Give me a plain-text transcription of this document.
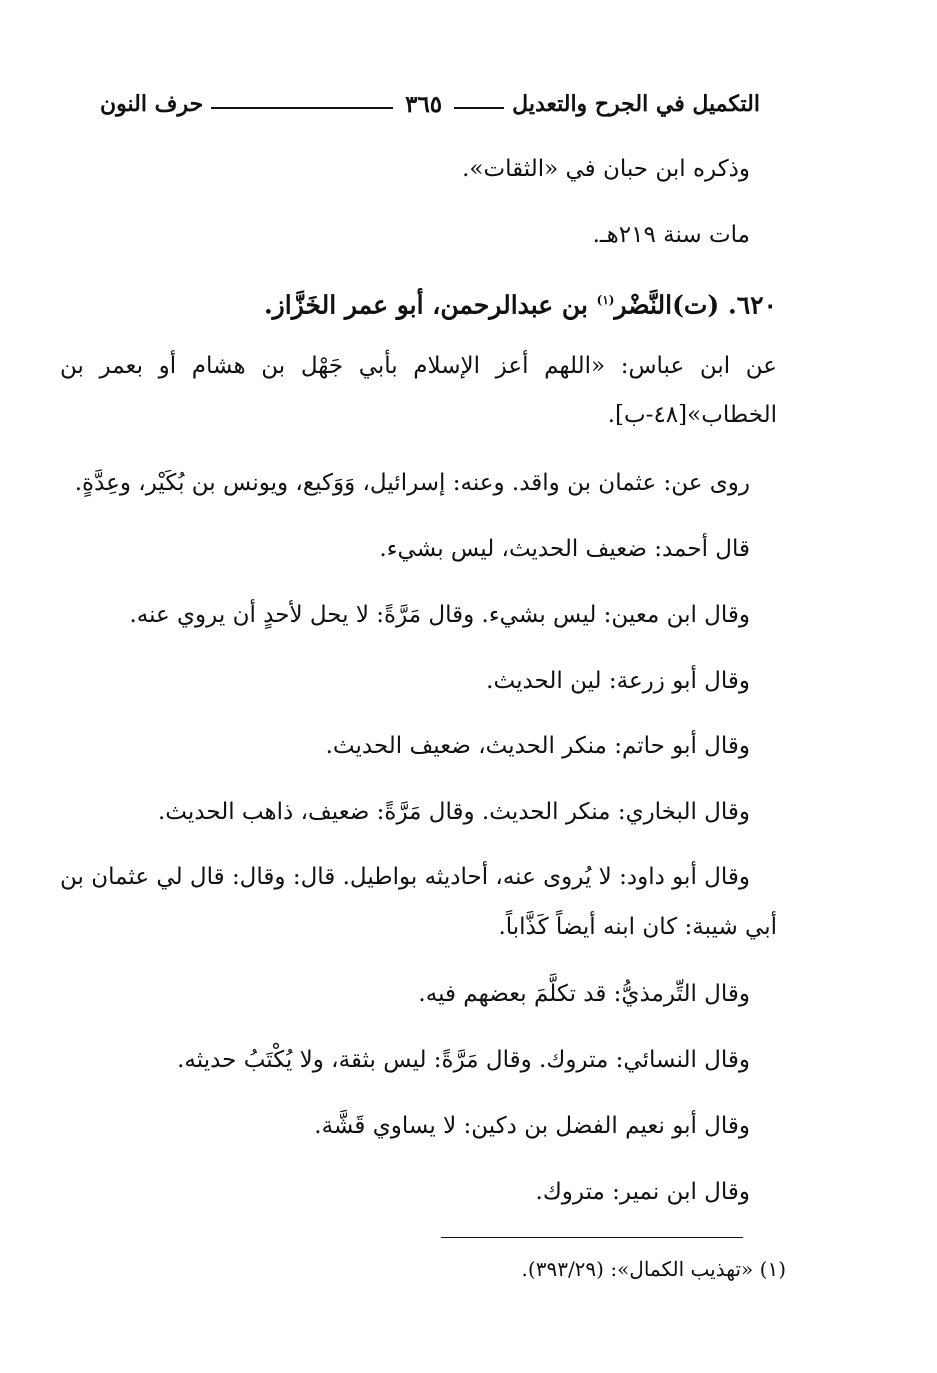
التكميل في الجرح والتعديل
٣٦٥
حرف النون
وذكره ابن حبان في «الثقات».
مات سنة ٢١٩هـ.
٦٢٠. (ت)النَّضْر$^{(١)}$ بن عبدالرحمن، أبو عمر الخَزَّاز.
عن ابن عباس: «اللهم أعز الإسلام بأبي جَهْل بن هشام أو بعمر بن
الخطاب»[٤٨-ب].
روى عن: عثمان بن واقد. وعنه: إسرائيل، وَوَكيع، ويونس بن بُكَيْر، وعِدَّةٍ.
قال أحمد: ضعيف الحديث، ليس بشيء.
وقال ابن معين: ليس بشيء. وقال مَرَّةً: لا يحل لأحدٍ أن يروي عنه.
وقال أبو زرعة: لين الحديث.
وقال أبو حاتم: منكر الحديث، ضعيف الحديث.
وقال البخاري: منكر الحديث. وقال مَرَّةً: ضعيف، ذاهب الحديث.
وقال أبو داود: لا يُروى عنه، أحاديثه بواطيل. قال: وقال: قال لي عثمان بن
أبي شيبة: كان ابنه أيضاً كَذَّاباً.
وقال التِّرمذيُّ: قد تكلَّمَ بعضهم فيه.
وقال النسائي: متروك. وقال مَرَّةً: ليس بثقة، ولا يُكْتَبُ حديثه.
وقال أبو نعيم الفضل بن دكين: لا يساوي قَشَّة.
وقال ابن نمير: متروك.
(١) «تهذيب الكمال»: (٣٩٣/٢٩).
